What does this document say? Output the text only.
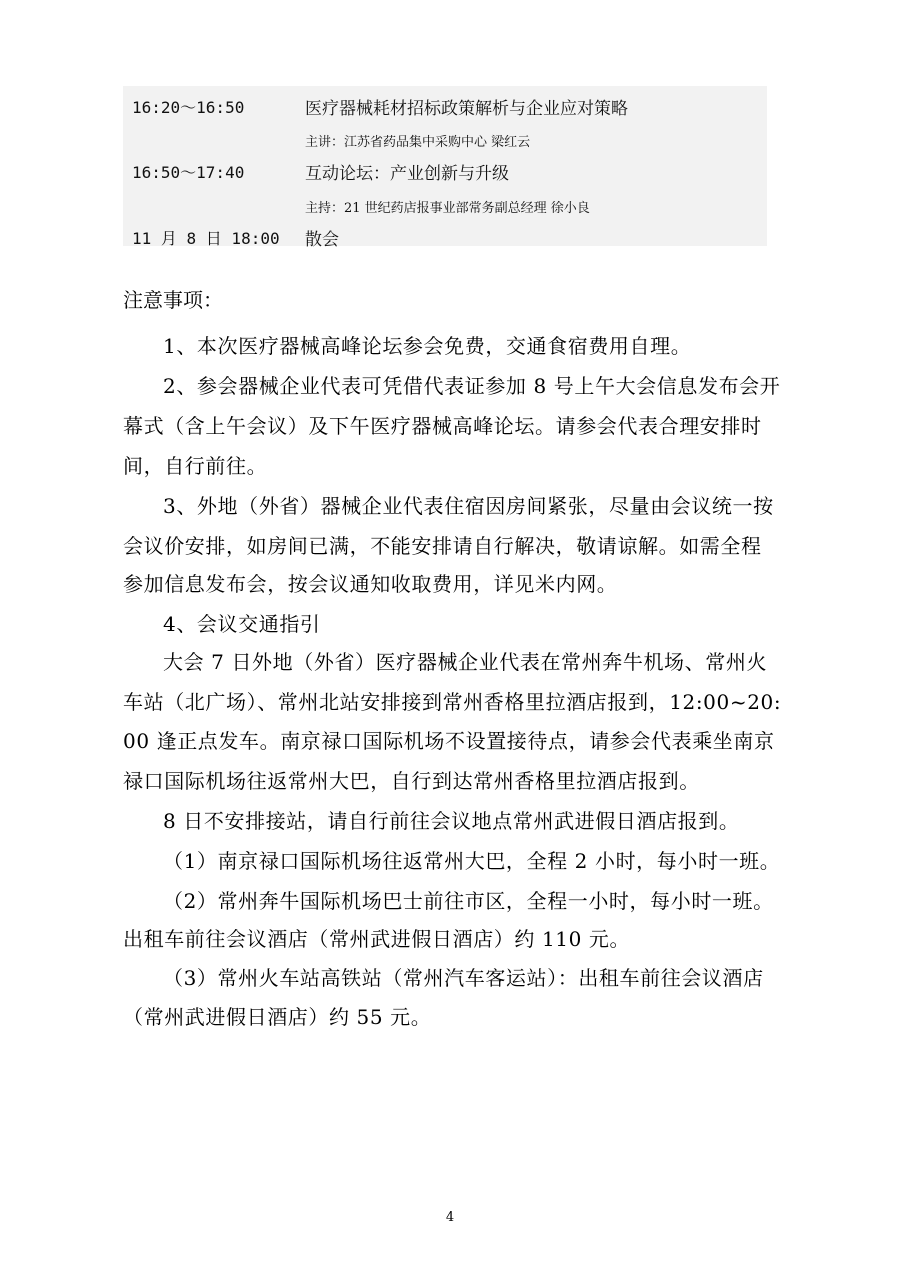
16:20～16:50	医疗器械耗材招标政策解析与企业应对策略
主讲：江苏省药品集中采购中心 梁红云
16:50～17:40	互动论坛：产业创新与升级
主持：21 世纪药店报事业部常务副总经理 徐小良
11 月 8 日 18:00 散会
注意事项：
1、本次医疗器械高峰论坛参会免费，交通食宿费用自理。
2、参会器械企业代表可凭借代表证参加 8 号上午大会信息发布会开
幕式（含上午会议）及下午医疗器械高峰论坛。请参会代表合理安排时
间，自行前往。
3、外地（外省）器械企业代表住宿因房间紧张，尽量由会议统一按
会议价安排，如房间已满，不能安排请自行解决，敬请谅解。如需全程
参加信息发布会，按会议通知收取费用，详见米内网。
4、会议交通指引
大会 7 日外地（外省）医疗器械企业代表在常州奔牛机场、常州火
车站（北广场）、常州北站安排接到常州香格里拉酒店报到，12:00~20:
00 逢正点发车。南京禄口国际机场不设置接待点，请参会代表乘坐南京
禄口国际机场往返常州大巴，自行到达常州香格里拉酒店报到。
8 日不安排接站，请自行前往会议地点常州武进假日酒店报到。
（1）南京禄口国际机场往返常州大巴，全程 2 小时，每小时一班。
（2）常州奔牛国际机场巴士前往市区，全程一小时，每小时一班。
出租车前往会议酒店（常州武进假日酒店）约 110 元。
（3）常州火车站高铁站（常州汽车客运站）：出租车前往会议酒店
（常州武进假日酒店）约 55 元。
4
